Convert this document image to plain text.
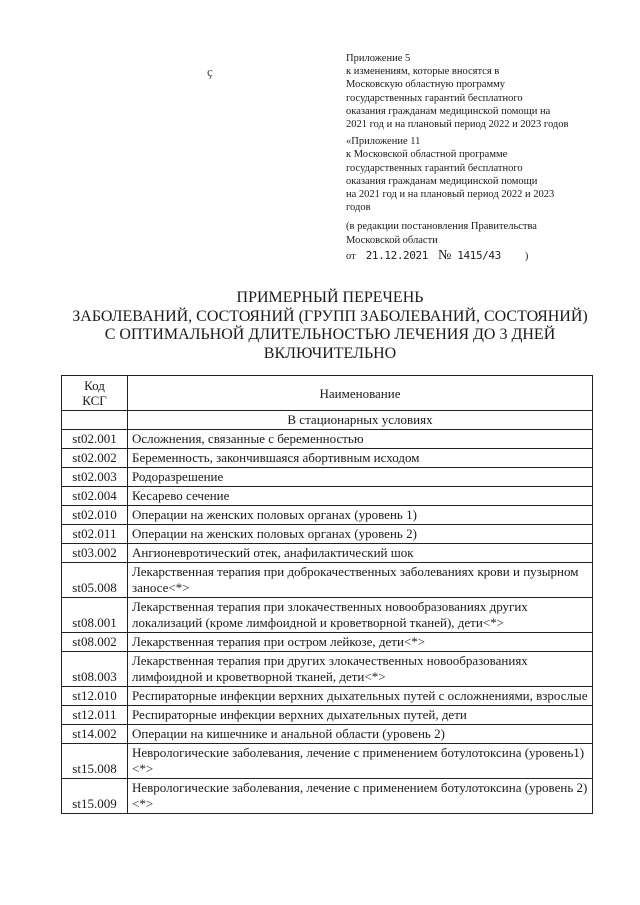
ҫ
Приложение 5
к изменениям, которые вносятся в
Московскую областную программу
государственных гарантий бесплатного
оказания гражданам медицинской помощи на
2021 год и на плановый период 2022 и 2023 годов
«Приложение 11
к Московской областной программе
государственных гарантий бесплатного
оказания гражданам медицинской помощи
на 2021 год и на плановый период 2022 и 2023
годов
(в редакции постановления Правительства
Московской области
от 21.12.2021 № 1415/43 )
ПРИМЕРНЫЙ ПЕРЕЧЕНЬ
ЗАБОЛЕВАНИЙ, СОСТОЯНИЙ (ГРУПП ЗАБОЛЕВАНИЙ, СОСТОЯНИЙ)
С ОПТИМАЛЬНОЙ ДЛИТЕЛЬНОСТЬЮ ЛЕЧЕНИЯ ДО 3 ДНЕЙ
ВКЛЮЧИТЕЛЬНО
Код
КСГ	Наименование
	В стационарных условиях
st02.001	Осложнения, связанные с беременностью
st02.002	Беременность, закончившаяся абортивным исходом
st02.003	Родоразрешение
st02.004	Кесарево сечение
st02.010	Операции на женских половых органах (уровень 1)
st02.011	Операции на женских половых органах (уровень 2)
st03.002	Ангионевротический отек, анафилактический шок
st05.008	Лекарственная терапия при доброкачественных заболеваниях крови и пузырном заносе<*>
st08.001	Лекарственная терапия при злокачественных новообразованиях других локализаций (кроме лимфоидной и кроветворной тканей), дети<*>
st08.002	Лекарственная терапия при остром лейкозе, дети<*>
st08.003	Лекарственная терапия при других злокачественных новообразованиях лимфоидной и кроветворной тканей, дети<*>
st12.010	Респираторные инфекции верхних дыхательных путей с осложнениями, взрослые
st12.011	Респираторные инфекции верхних дыхательных путей, дети
st14.002	Операции на кишечнике и анальной области (уровень 2)
st15.008	Неврологические заболевания, лечение с применением ботулотоксина (уровень1)<*>
st15.009	Неврологические заболевания, лечение с применением ботулотоксина (уровень 2)<*>
